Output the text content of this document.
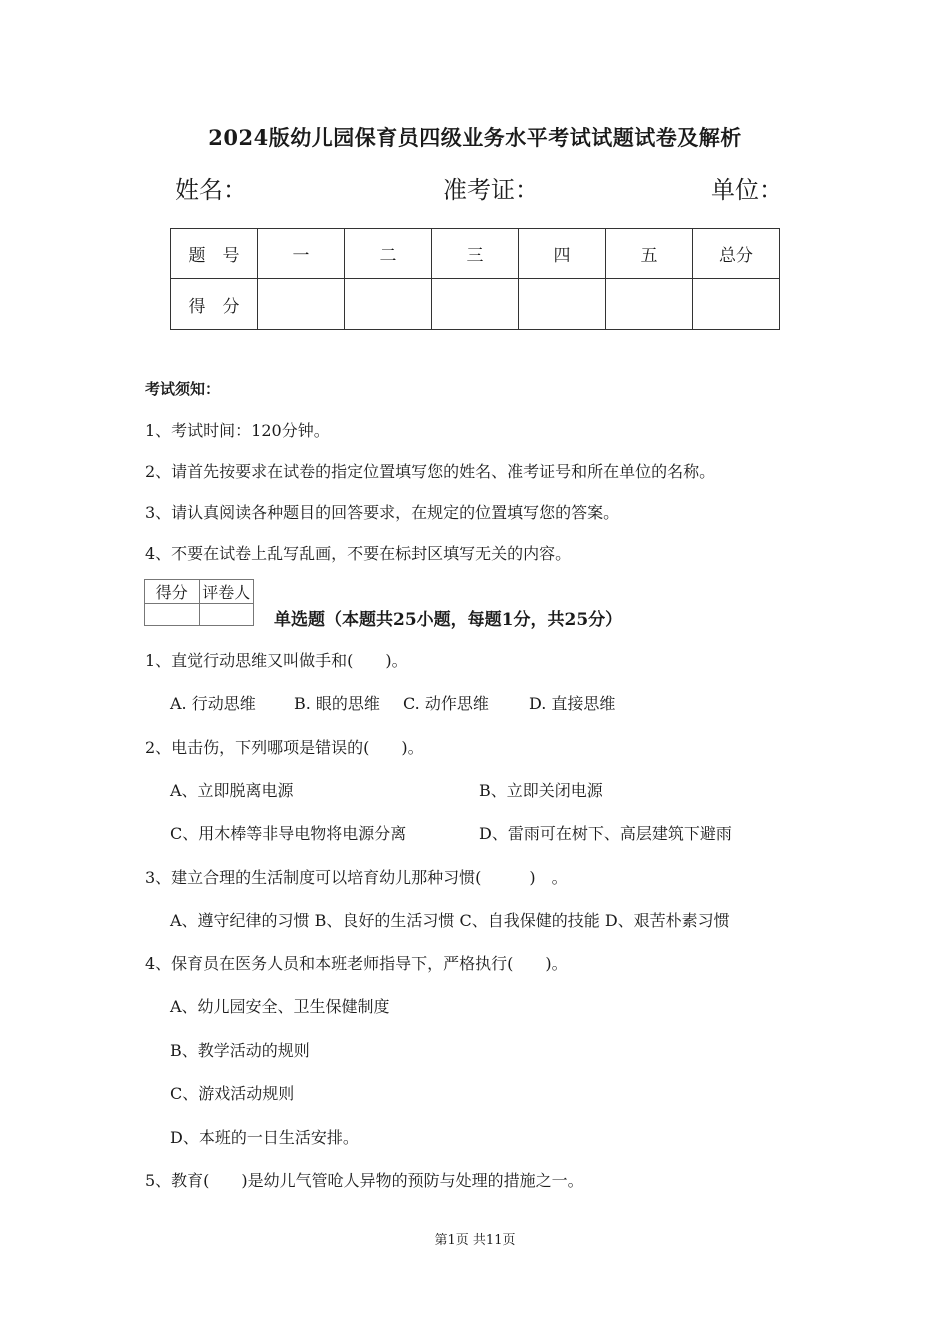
2024版幼儿园保育员四级业务水平考试试题试卷及解析
姓名：	准考证：	单位：
题　号	一	二	三	四	五	总分
得　分						
考试须知：
1、考试时间：120分钟。
2、请首先按要求在试卷的指定位置填写您的姓名、准考证号和所在单位的名称。
3、请认真阅读各种题目的回答要求，在规定的位置填写您的答案。
4、不要在试卷上乱写乱画，不要在标封区填写无关的内容。
得分	评卷人

单选题（本题共25小题，每题1分，共25分）
1、直觉行动思维又叫做手和(　　)。
A. 行动思维 B. 眼的思维 C. 动作思维	D. 直接思维
2、电击伤，下列哪项是错误的(　　)。
A、立即脱离电源	B、立即关闭电源
C、用木棒等非导电物将电源分离	D、雷雨可在树下、高层建筑下避雨
3、建立合理的生活制度可以培育幼儿那种习惯(　　　)　。
A、遵守纪律的习惯 B、良好的生活习惯 C、自我保健的技能 D、艰苦朴素习惯
4、保育员在医务人员和本班老师指导下，严格执行(　　)。
A、幼儿园安全、卫生保健制度
B、教学活动的规则
C、游戏活动规则
D、本班的一日生活安排。
5、教育(　　)是幼儿气管呛人异物的预防与处理的措施之一。
第1页 共11页
